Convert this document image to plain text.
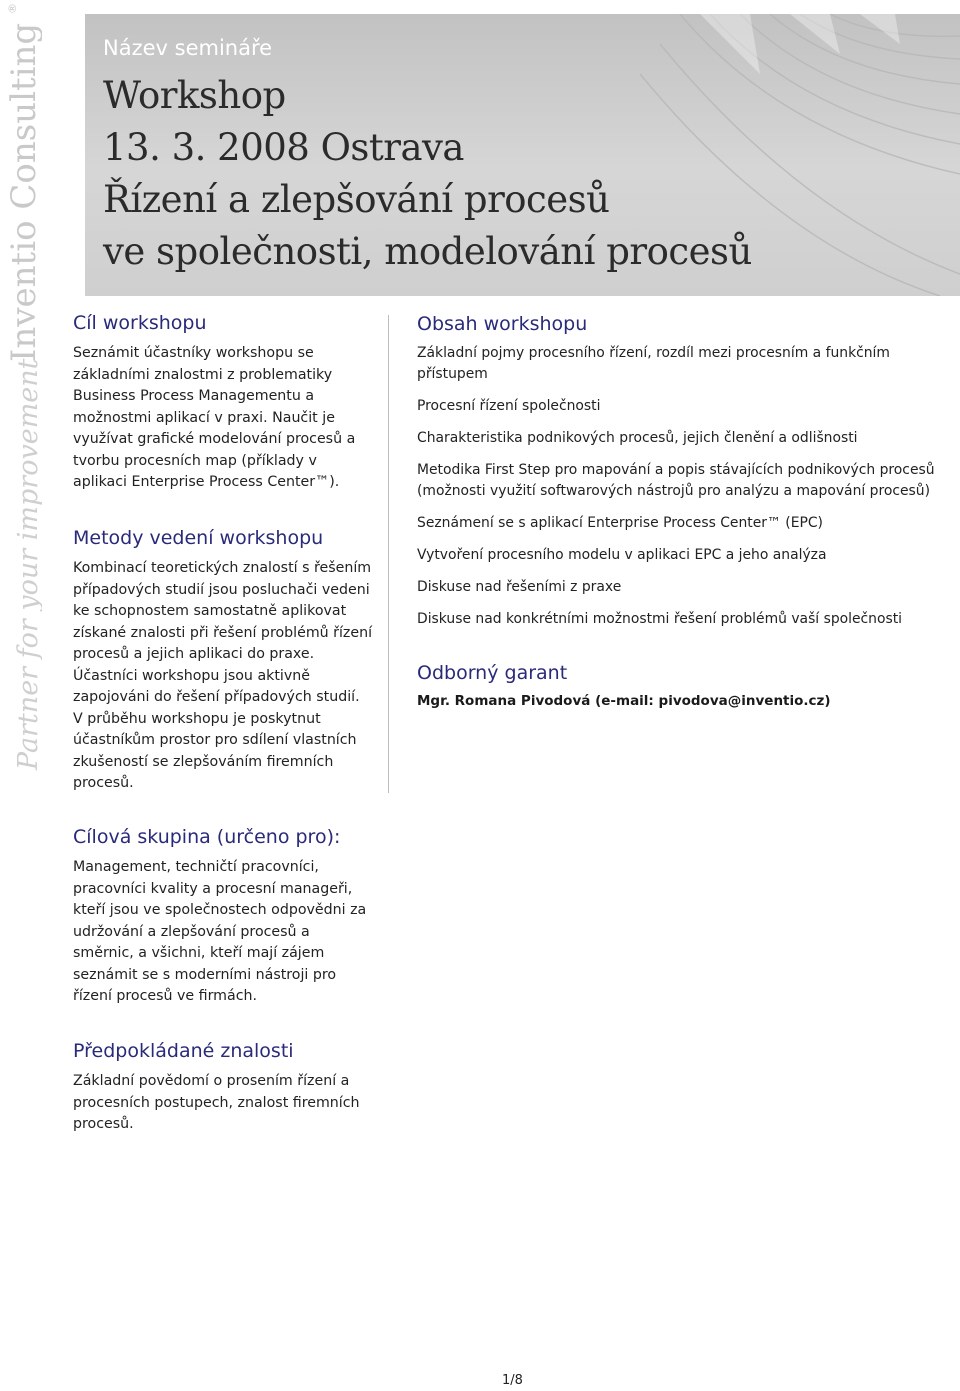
Inventio Consulting
®
Partner for your improvement
Název semináře
Workshop
13. 3. 2008 Ostrava
Řízení a zlepšování procesů
ve společnosti, modelování procesů
Cíl workshopu

Seznámit účastníky workshopu se základními znalostmi z problematiky Business Process Managementu a možnostmi aplikací v praxi. Naučit je využívat grafické modelování procesů a tvorbu procesních map (příklady v aplikaci Enterprise Process Center™).

Metody vedení workshopu

Kombinací teoretických znalostí s řešením případových studií jsou posluchači vedeni ke schopnostem samostatně aplikovat získané znalosti při řešení problémů řízení procesů a jejich aplikaci do praxe. Účastníci workshopu jsou aktivně zapojováni do řešení případových studií. V průběhu workshopu je poskytnut účastníkům prostor pro sdílení vlastních zkušeností se zlepšováním firemních procesů.

Cílová skupina (určeno pro):

Management, techničtí pracovníci, pracovníci kvality a procesní manageři, kteří jsou ve společnostech odpovědni za udržování a zlepšování procesů a směrnic, a všichni, kteří mají zájem seznámit se s moderními nástroji pro řízení procesů ve firmách.

Předpokládané znalosti

Základní povědomí o prosením řízení a procesních postupech, znalost firemních procesů.

Obsah workshopu
Základní pojmy procesního řízení, rozdíl mezi procesním a funkčním přístupem
Procesní řízení společnosti
Charakteristika podnikových procesů, jejich členění a odlišnosti
Metodika First Step pro mapování a popis stávajících podnikových procesů (možnosti využití softwarových nástrojů pro analýzu a mapování procesů)
Seznámení se s aplikací Enterprise Process Center™ (EPC)
Vytvoření procesního modelu v aplikaci EPC a jeho analýza
Diskuse nad řešeními z praxe
Diskuse nad konkrétními možnostmi řešení problémů vaší společnosti
Odborný garant

Mgr. Romana Pivodová (e-mail: pivodova@inventio.cz)

1/8
